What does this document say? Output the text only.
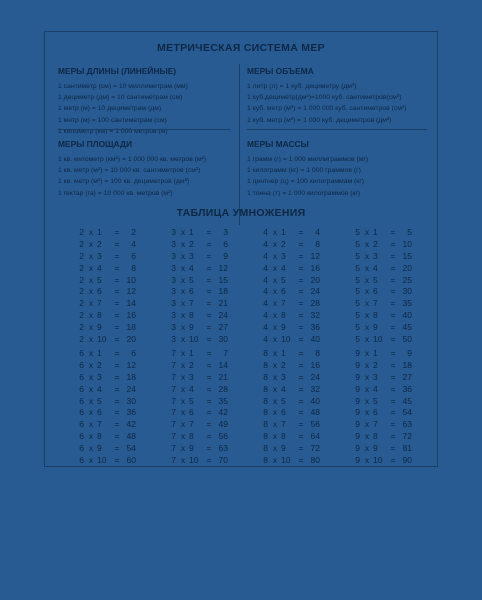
МЕТРИЧЕСКАЯ СИСТЕМА МЕР
МЕРЫ ДЛИНЫ (ЛИНЕЙНЫЕ)
1 сантиметр (см) = 10 миллиметрам (мм)
1 дециметр (дм) = 10 сантиметрам (см)
1 метр (м) = 10 дециметрам (дм)
1 метр (м) = 100 сантиметрам (см)
1 километр (км) = 1 000 метров (м)
МЕРЫ ОБЪЕМА
1 литр (л) = 1 куб. дециметру (дм³)
1 куб.дециметр(дм³)=1000 куб. сантиметров(см³)
1 куб. метр (м³) = 1 000 000 куб. сантиметров (см³)
1 куб. метр (м³) = 1 000 куб. дециметров (дм³)
МЕРЫ ПЛОЩАДИ
1 кв. километр (км²) = 1 000 000 кв. метров (м²)
1 кв. метр (м²) = 10 000 кв. сантиметров (см²)
1 кв. метр (м²) = 100 кв. дециметров (дм²)
1 гектар (га) = 10 000 кв. метров (м²)
МЕРЫ МАССЫ
1 грамм (г) = 1 000 миллиграммов (мг)
1 килограмм (кг) = 1 000 граммов (г)
1 центнер (ц) = 100 килограммам (кг)
1 тонна (т) = 1 000 килограммов (кг)
ТАБЛИЦА УМНОЖЕНИЯ
2 x 1	=	2
2 x 2	=	4
2 x 3	=	6
2 x 4	=	8
2 x 5	= 10
2 x 6	= 12
2 x 7	= 14
2 x 8	= 16
2 x 9	= 18
2 x 10 = 20
3 x 1	=	3
3 x 2	=	6
3 x 3	=	9
3 x 4	= 12
3 x 5	= 15
3 x 6	= 18
3 x 7	= 21
3 x 8	= 24
3 x 9	= 27
3 x 10 = 30
4 x 1	=	4
4 x 2	=	8
4 x 3	= 12
4 x 4	= 16
4 x 5	= 20
4 x 6	= 24
4 x 7	= 28
4 x 8	= 32
4 x 9	= 36
4 x 10 = 40
5 x 1	=	5
5 x 2	= 10
5 x 3	= 15
5 x 4	= 20
5 x 5	= 25
5 x 6	= 30
5 x 7	= 35
5 x 8	= 40
5 x 9	= 45
5 x 10 = 50
6 x 1	=	6
6 x 2	= 12
6 x 3	= 18
6 x 4	= 24
6 x 5	= 30
6 x 6	= 36
6 x 7	= 42
6 x 8	= 48
6 x 9	= 54
6 x 10 = 60
7 x 1	=	7
7 x 2	= 14
7 x 3	= 21
7 x 4	= 28
7 x 5	= 35
7 x 6	= 42
7 x 7	= 49
7 x 8	= 56
7 x 9	= 63
7 x 10 = 70
8 x 1	=	8
8 x 2	= 16
8 x 3	= 24
8 x 4	= 32
8 x 5	= 40
8 x 6	= 48
8 x 7	= 56
8 x 8	= 64
8 x 9	= 72
8 x 10 = 80
9 x 1	=	9
9 x 2	= 18
9 x 3	= 27
9 x 4	= 36
9 x 5	= 45
9 x 6	= 54
9 x 7	= 63
9 x 8	= 72
9 x 9	= 81
9 x 10 = 90
